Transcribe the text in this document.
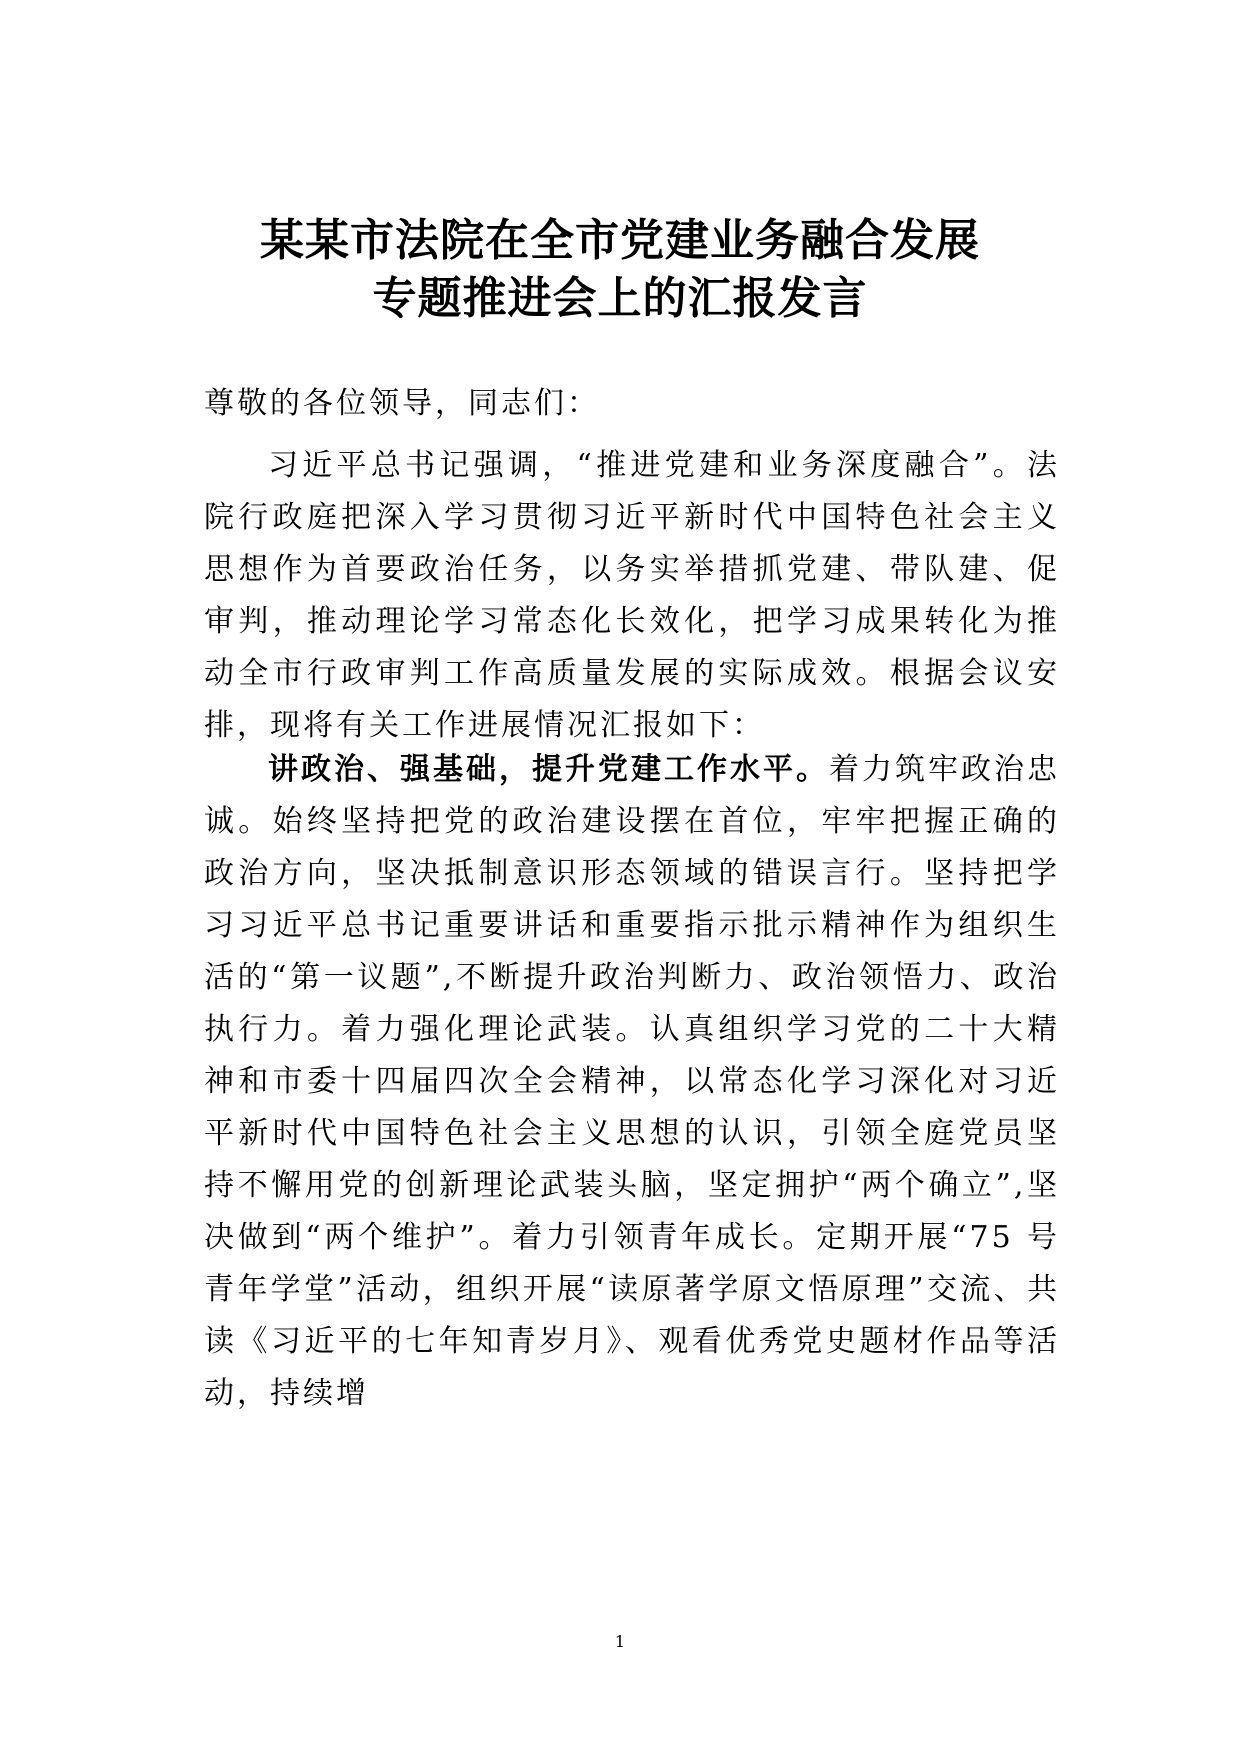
某某市法院在全市党建业务融合发展
专题推进会上的汇报发言
尊敬的各位领导，同志们：
习近平总书记强调，“推进党建和业务深度融合”。法院行政庭把深入学习贯彻习近平新时代中国特色社会主义思想作为首要政治任务，以务实举措抓党建、带队建、促审判，推动理论学习常态化长效化，把学习成果转化为推动全市行政审判工作高质量发展的实际成效。根据会议安排，现将有关工作进展情况汇报如下：
讲政治、强基础，提升党建工作水平。着力筑牢政治忠诚。始终坚持把党的政治建设摆在首位，牢牢把握正确的政治方向，坚决抵制意识形态领域的错误言行。坚持把学习习近平总书记重要讲话和重要指示批示精神作为组织生活的“第一议题”,不断提升政治判断力、政治领悟力、政治执行力。着力强化理论武装。认真组织学习党的二十大精神和市委十四届四次全会精神，以常态化学习深化对习近平新时代中国特色社会主义思想的认识，引领全庭党员坚持不懈用党的创新理论武装头脑，坚定拥护“两个确立”,坚决做到“两个维护”。着力引领青年成长。定期开展“75 号青年学堂”活动，组织开展“读原著学原文悟原理”交流、共读《习近平的七年知青岁月》、观看优秀党史题材作品等活动，持续增
1
